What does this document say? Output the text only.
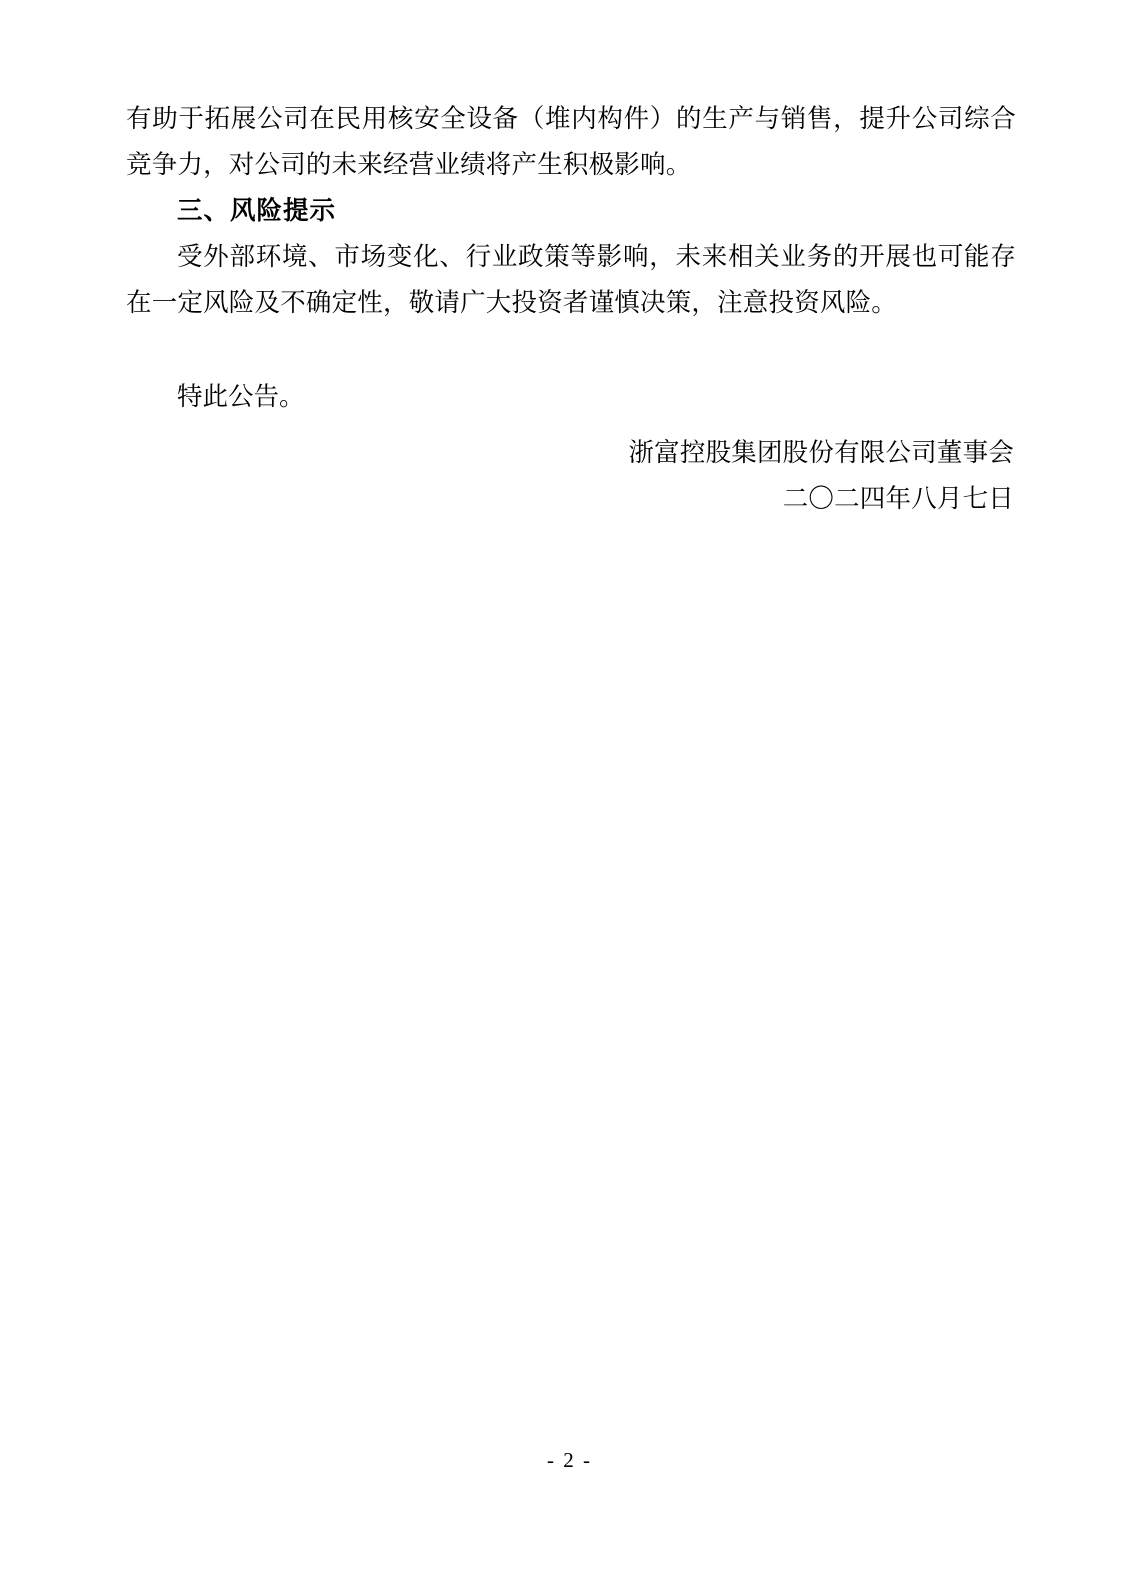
有助于拓展公司在民用核安全设备（堆内构件）的生产与销售，提升公司综合竞争力，对公司的未来经营业绩将产生积极影响。

三、风险提示

受外部环境、市场变化、行业政策等影响，未来相关业务的开展也可能存在一定风险及不确定性，敬请广大投资者谨慎决策，注意投资风险。

特此公告。

浙富控股集团股份有限公司董事会
二〇二四年八月七日
- 2 -
